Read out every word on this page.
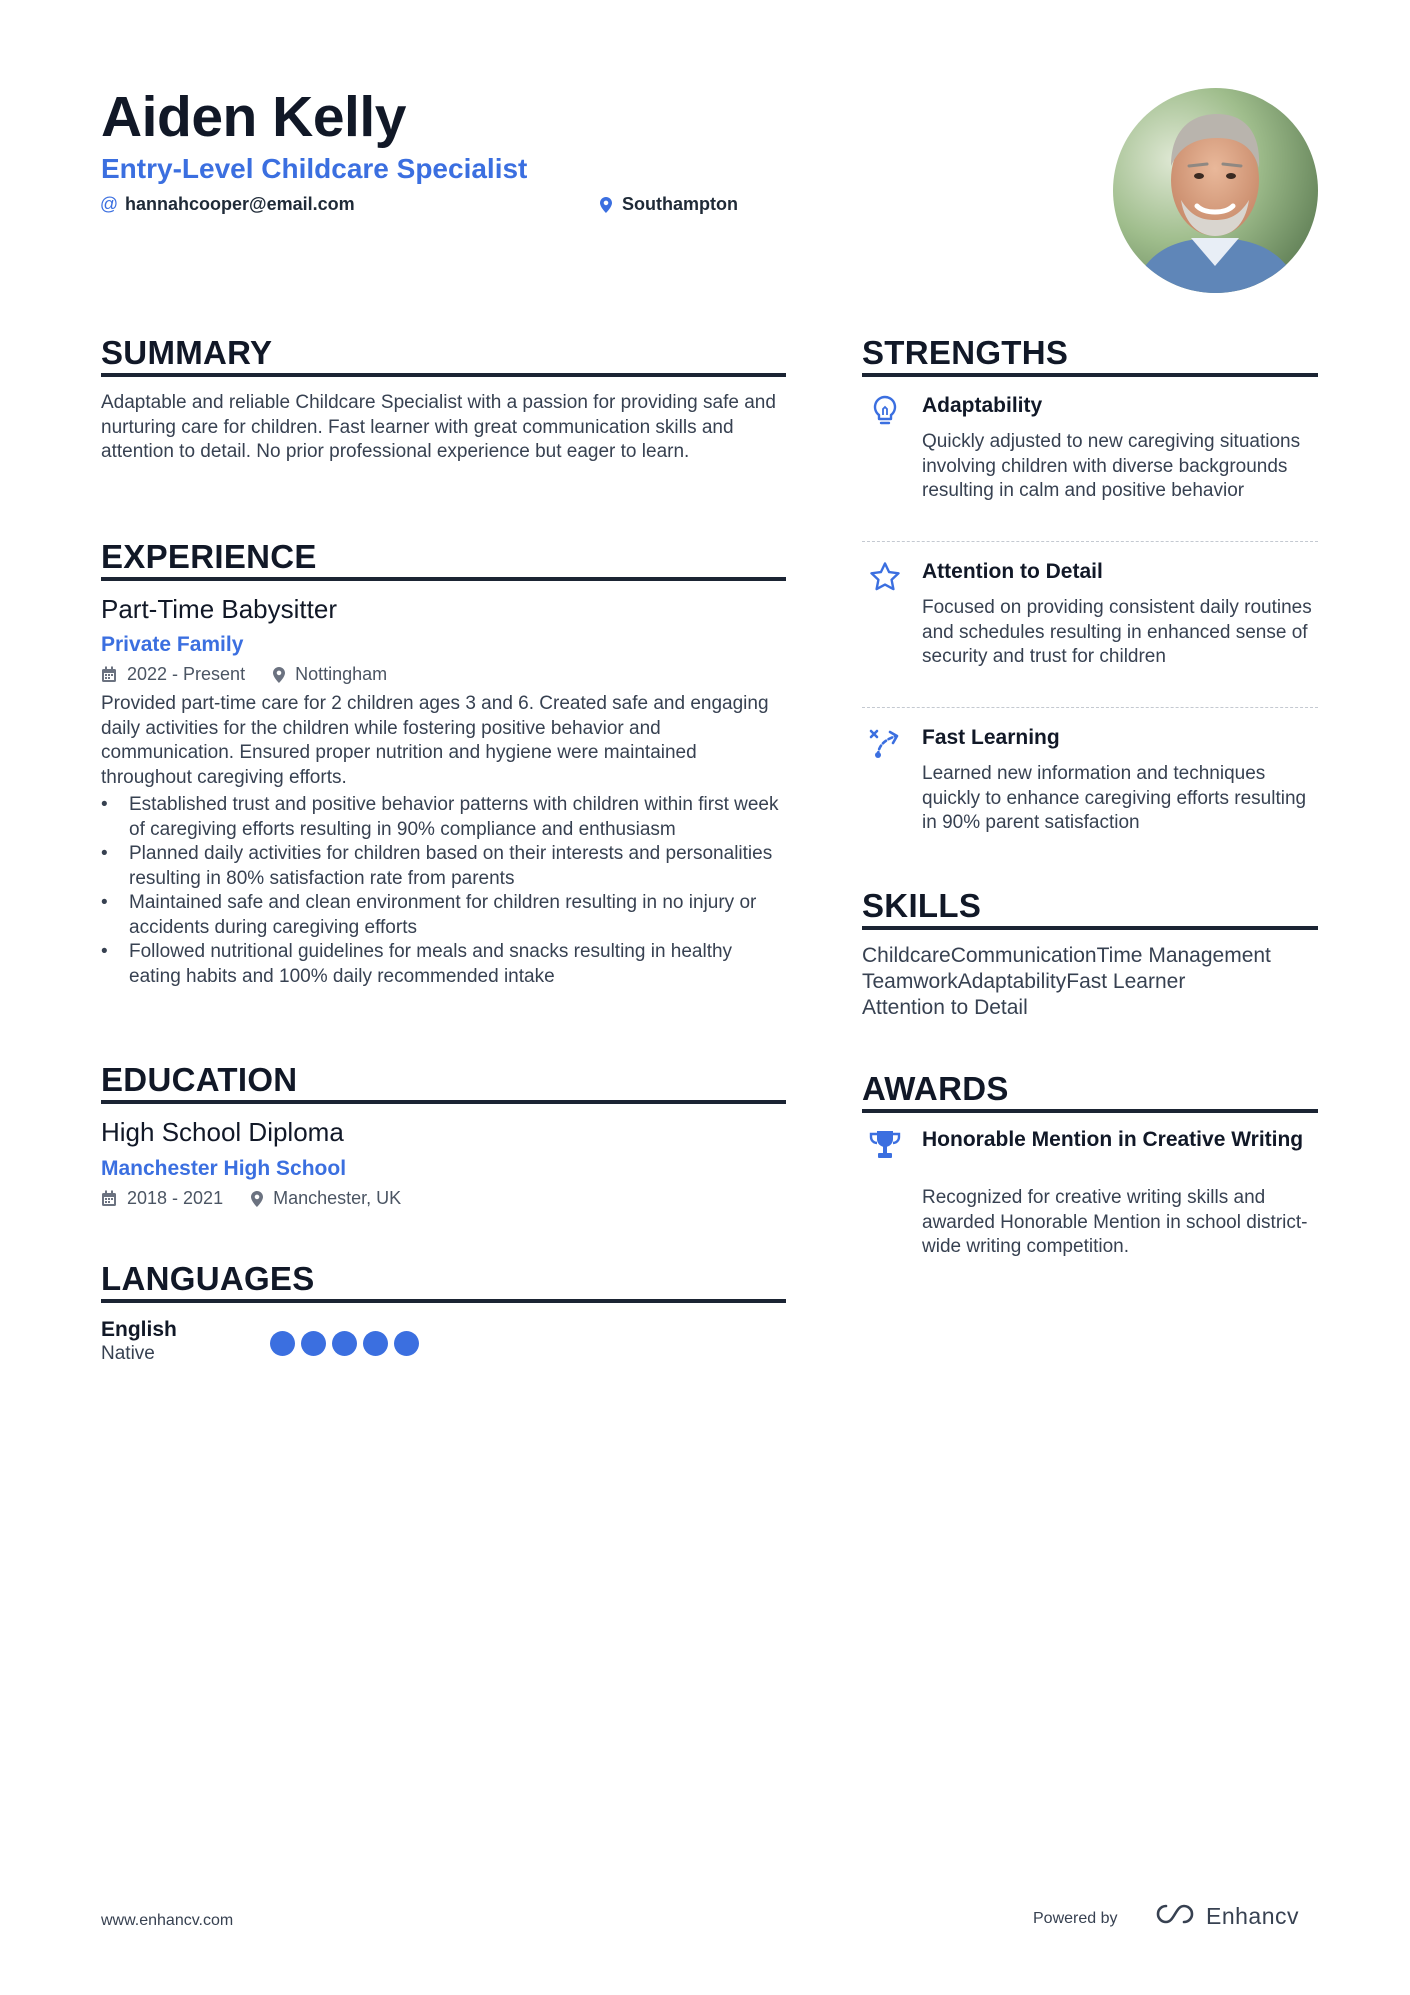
Aiden Kelly
Entry-Level Childcare Specialist
@ hannahcooper@email.com	Southampton
SUMMARY
Adaptable and reliable Childcare Specialist with a passion for providing safe and nurturing care for children. Fast learner with great communication skills and attention to detail. No prior professional experience but eager to learn.
EXPERIENCE
Part-Time Babysitter
Private Family
2022 - Present	Nottingham
Provided part-time care for 2 children ages 3 and 6. Created safe and engaging daily activities for the children while fostering positive behavior and communication. Ensured proper nutrition and hygiene were maintained throughout caregiving efforts.
• Established trust and positive behavior patterns with children within first week of caregiving efforts resulting in 90% compliance and enthusiasm
• Planned daily activities for children based on their interests and personalities resulting in 80% satisfaction rate from parents
• Maintained safe and clean environment for children resulting in no injury or accidents during caregiving efforts
• Followed nutritional guidelines for meals and snacks resulting in healthy eating habits and 100% daily recommended intake
EDUCATION
High School Diploma
Manchester High School
2018 - 2021	Manchester, UK
LANGUAGES
English
Native
STRENGTHS
Adaptability
Quickly adjusted to new caregiving situations involving children with diverse backgrounds resulting in calm and positive behavior
Attention to Detail
Focused on providing consistent daily routines and schedules resulting in enhanced sense of security and trust for children
Fast Learning
Learned new information and techniques quickly to enhance caregiving efforts resulting in 90% parent satisfaction
SKILLS
ChildcareCommunicationTime Management
TeamworkAdaptabilityFast Learner
Attention to Detail
AWARDS
Honorable Mention in Creative Writing
Recognized for creative writing skills and awarded Honorable Mention in school district-wide writing competition.
www.enhancv.com	Powered by	Enhancv
